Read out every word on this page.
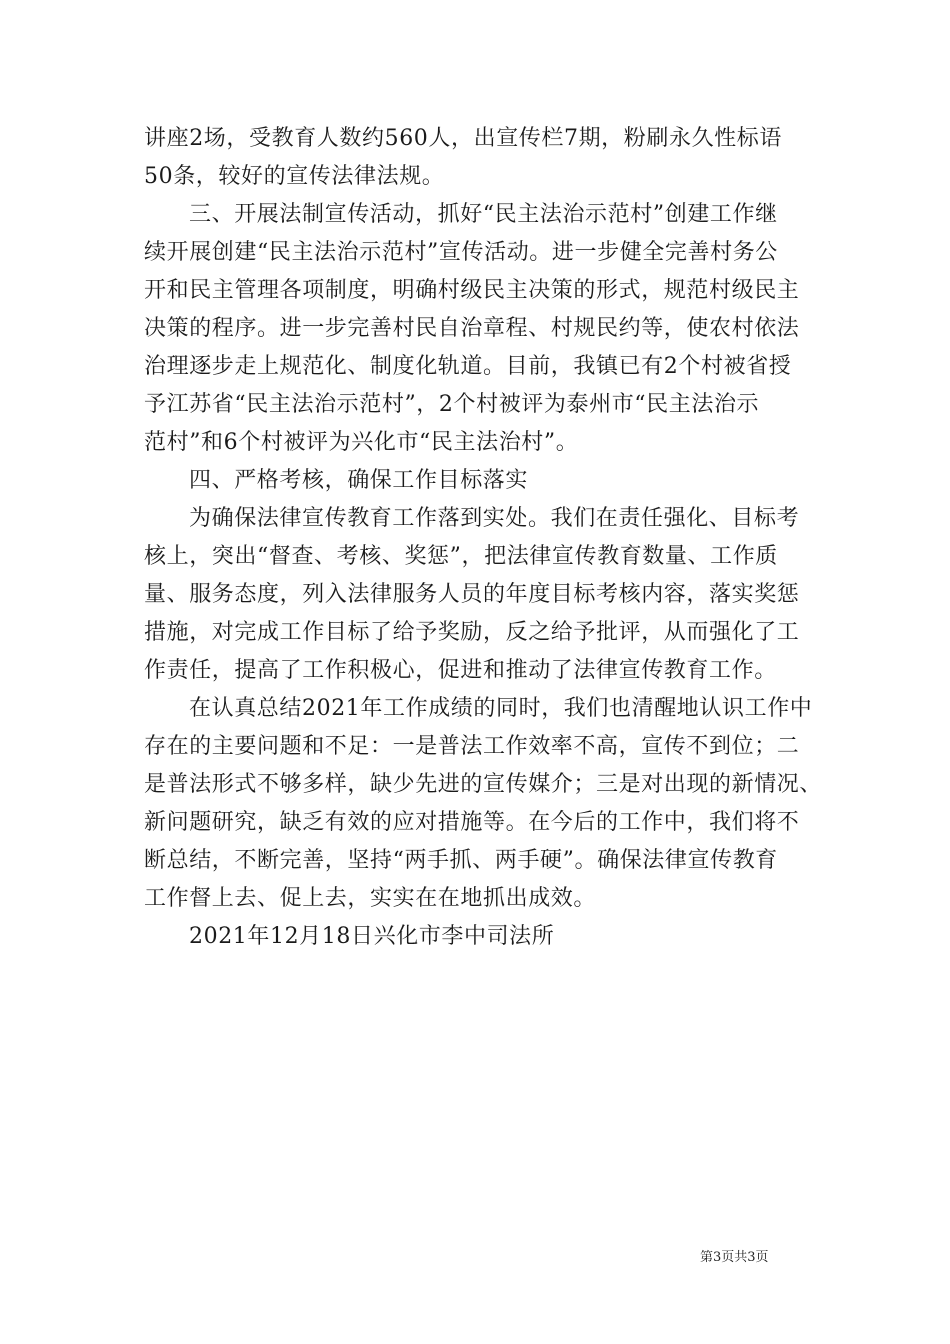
讲座2场，受教育人数约560人，出宣传栏7期，粉刷永久性标语
50条，较好的宣传法律法规。
三、开展法制宣传活动，抓好“民主法治示范村”创建工作继
续开展创建“民主法治示范村”宣传活动。进一步健全完善村务公
开和民主管理各项制度，明确村级民主决策的形式，规范村级民主
决策的程序。进一步完善村民自治章程、村规民约等，使农村依法
治理逐步走上规范化、制度化轨道。目前，我镇已有2个村被省授
予江苏省“民主法治示范村”，2个村被评为泰州市“民主法治示
范村”和6个村被评为兴化市“民主法治村”。
四、严格考核，确保工作目标落实
为确保法律宣传教育工作落到实处。我们在责任强化、目标考
核上，突出“督查、考核、奖惩”，把法律宣传教育数量、工作质
量、服务态度，列入法律服务人员的年度目标考核内容，落实奖惩
措施，对完成工作目标了给予奖励，反之给予批评，从而强化了工
作责任，提高了工作积极心，促进和推动了法律宣传教育工作。
在认真总结2021年工作成绩的同时，我们也清醒地认识工作中
存在的主要问题和不足：一是普法工作效率不高，宣传不到位；二
是普法形式不够多样，缺少先进的宣传媒介；三是对出现的新情况、
新问题研究，缺乏有效的应对措施等。在今后的工作中，我们将不
断总结，不断完善，坚持“两手抓、两手硬”。确保法律宣传教育
工作督上去、促上去，实实在在地抓出成效。
2021年12月18日兴化市李中司法所
第3页共3页
